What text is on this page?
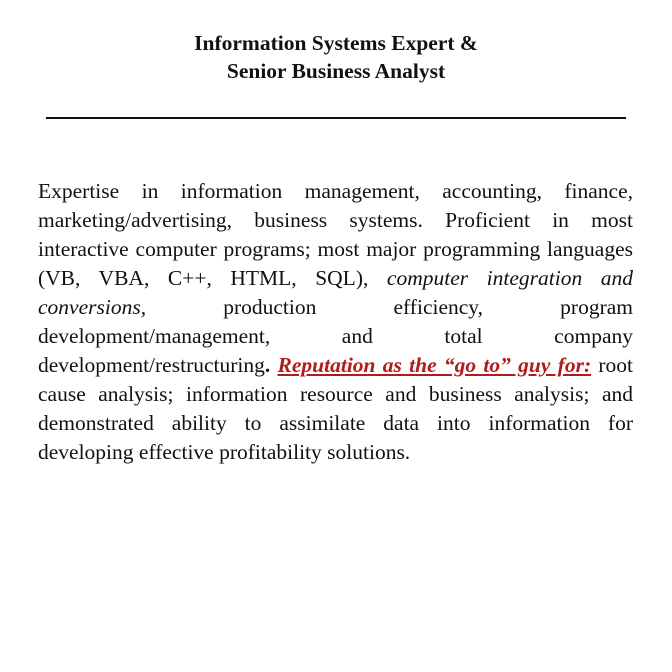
Information Systems Expert &
Senior Business Analyst

Expertise in information management, accounting, finance, marketing/advertising, business systems. Proficient in most interactive computer programs; most major programming languages (VB, VBA, C++, HTML, SQL), computer integration and conversions, production efficiency, program development/management, and total company development/restructuring. Reputation as the “go to” guy for: root cause analysis; information resource and business analysis; and demonstrated ability to assimilate data into information for developing effective profitability solutions.
